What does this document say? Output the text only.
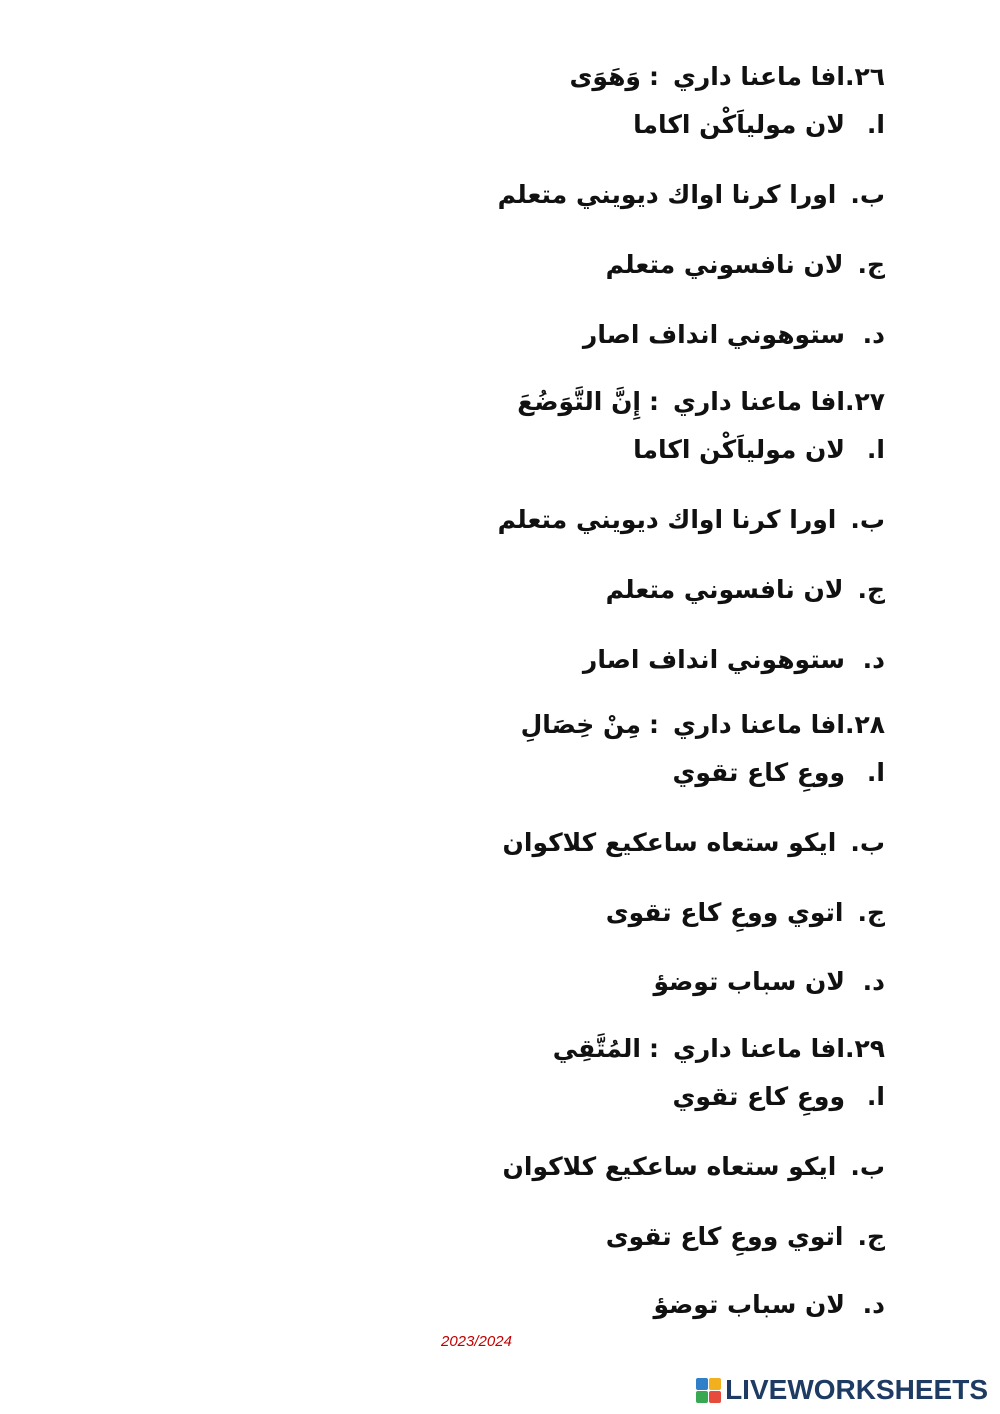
٢٦.افا ماعنا داري:وَهَوَى
ا.لان مولياَكْن اكاما
ب.اورا كرنا اواك ديويني متعلم
ج.لان نافسوني متعلم
د.ستوهوني انداف اصار
٢٧.افا ماعنا داري:إِنَّ التَّوَضُعَ
ا.لان مولياَكْن اكاما
ب.اورا كرنا اواك ديويني متعلم
ج.لان نافسوني متعلم
د.ستوهوني انداف اصار
٢٨.افا ماعنا داري:مِنْ خِصَالِ
ا.ووعِ كاع تقوي
ب.ايكو ستعاه ساعكيع كلاكوان
ج.اتوي ووعِ كاع تقوى
د.لان سباب توضؤ
٢٩.افا ماعنا داري:المُتَّقِي
ا.ووعِ كاع تقوي
ب.ايكو ستعاه ساعكيع كلاكوان
ج.اتوي ووعِ كاع تقوى
د.لان سباب توضؤ
2023/2024
LIVEWORKSHEETS
